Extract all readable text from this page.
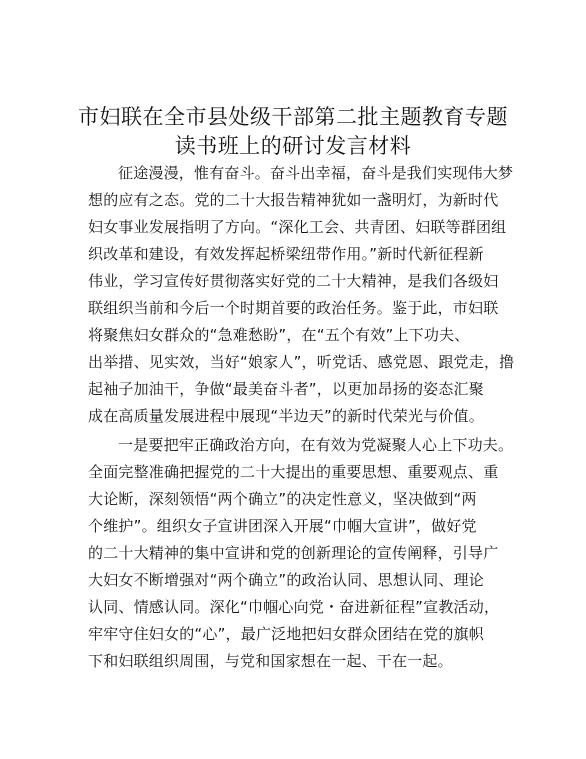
市妇联在全市县处级干部第二批主题教育专题
读书班上的研讨发言材料
征途漫漫，惟有奋斗。奋斗出幸福，奋斗是我们实现伟大梦
想的应有之态。党的二十大报告精神犹如一盏明灯，为新时代
妇女事业发展指明了方向。“深化工会、共青团、妇联等群团组
织改革和建设，有效发挥起桥梁纽带作用。”新时代新征程新
伟业，学习宣传好贯彻落实好党的二十大精神，是我们各级妇
联组织当前和今后一个时期首要的政治任务。鉴于此，市妇联
将聚焦妇女群众的“急难愁盼”，在“五个有效”上下功夫、
出举措、见实效，当好“娘家人”，听党话、感党恩、跟党走，撸
起袖子加油干，争做“最美奋斗者”，以更加昂扬的姿态汇聚
成在高质量发展进程中展现“半边天”的新时代荣光与价值。
一是要把牢正确政治方向，在有效为党凝聚人心上下功夫。
全面完整准确把握党的二十大提出的重要思想、重要观点、重
大论断，深刻领悟“两个确立”的决定性意义，坚决做到“两
个维护”。组织女子宣讲团深入开展“巾帼大宣讲”，做好党
的二十大精神的集中宣讲和党的创新理论的宣传阐释，引导广
大妇女不断增强对“两个确立”的政治认同、思想认同、理论
认同、情感认同。深化“巾帼心向党・奋进新征程”宣教活动，
牢牢守住妇女的“心”，最广泛地把妇女群众团结在党的旗帜
下和妇联组织周围，与党和国家想在一起、干在一起。
